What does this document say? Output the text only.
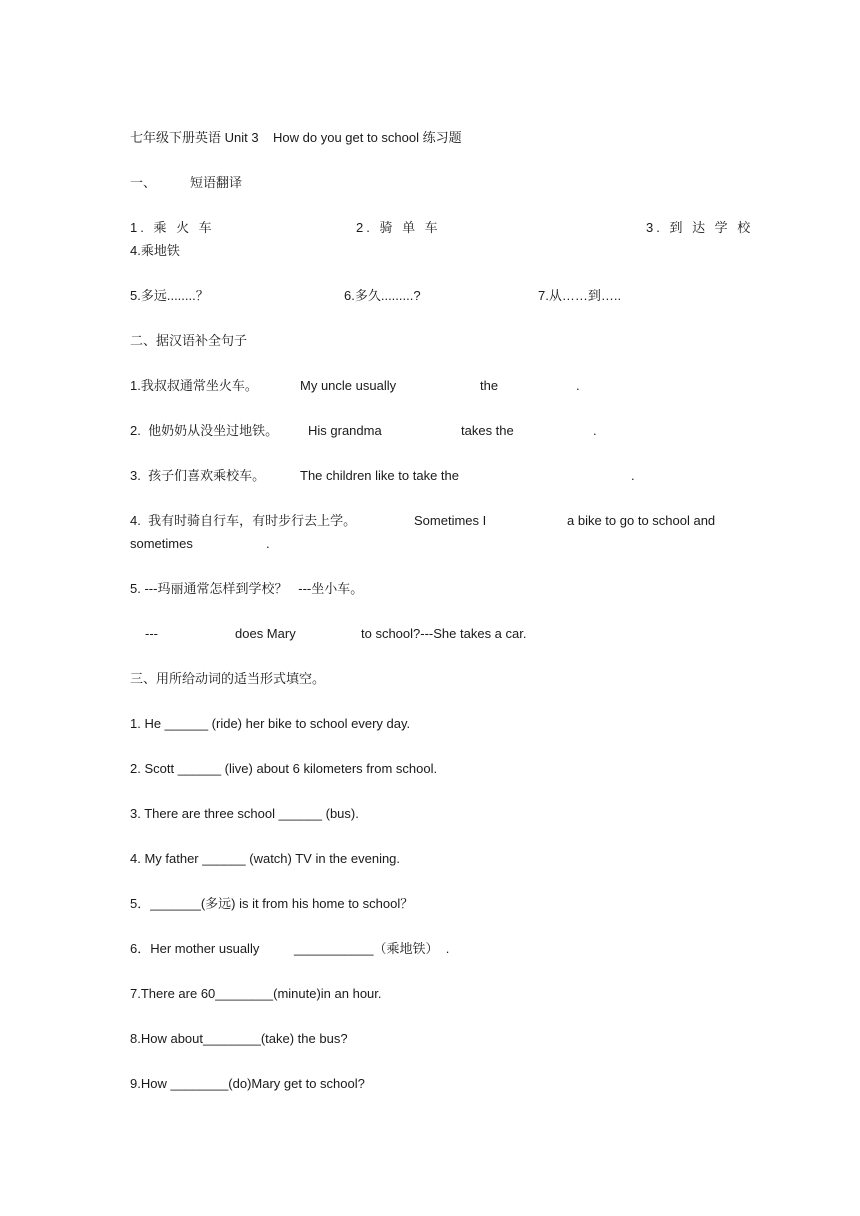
七年级下册英语 Unit 3    How do you get to school 练习题

一、	短语翻译

1. 乘 火 车	2. 骑 单 车	3. 到 达 学 校

4.乘地铁

5.多远........？	6.多久.........?	7.从……到…..

二、据汉语补全句子

1.我叔叔通常坐火车。	My uncle usually	the	.

2.  他奶奶从没坐过地铁。 His grandma	takes the	.

3.  孩子们喜欢乘校车。	The children like to take the	.

4.  我有时骑自行车，有时步行去上学。	Sometimes I	a bike to go to school and

sometimes	.

5. ---玛丽通常怎样到学校？   ---坐小车。

---	does Mary	to school?---She takes a car.

三、用所给动词的适当形式填空。

1. He ______ (ride) her bike to school every day.

2. Scott ______ (live) about 6 kilometers from school.

3. There are three school ______ (bus).

4. My father ______ (watch) TV in the evening.

5．_______(多远) is it from his home to school？

6．Her mother usually	___________（乘地铁）  .

7.There are 60________(minute)in an hour.

8.How about________(take) the bus?

9.How ________(do)Mary get to school?
